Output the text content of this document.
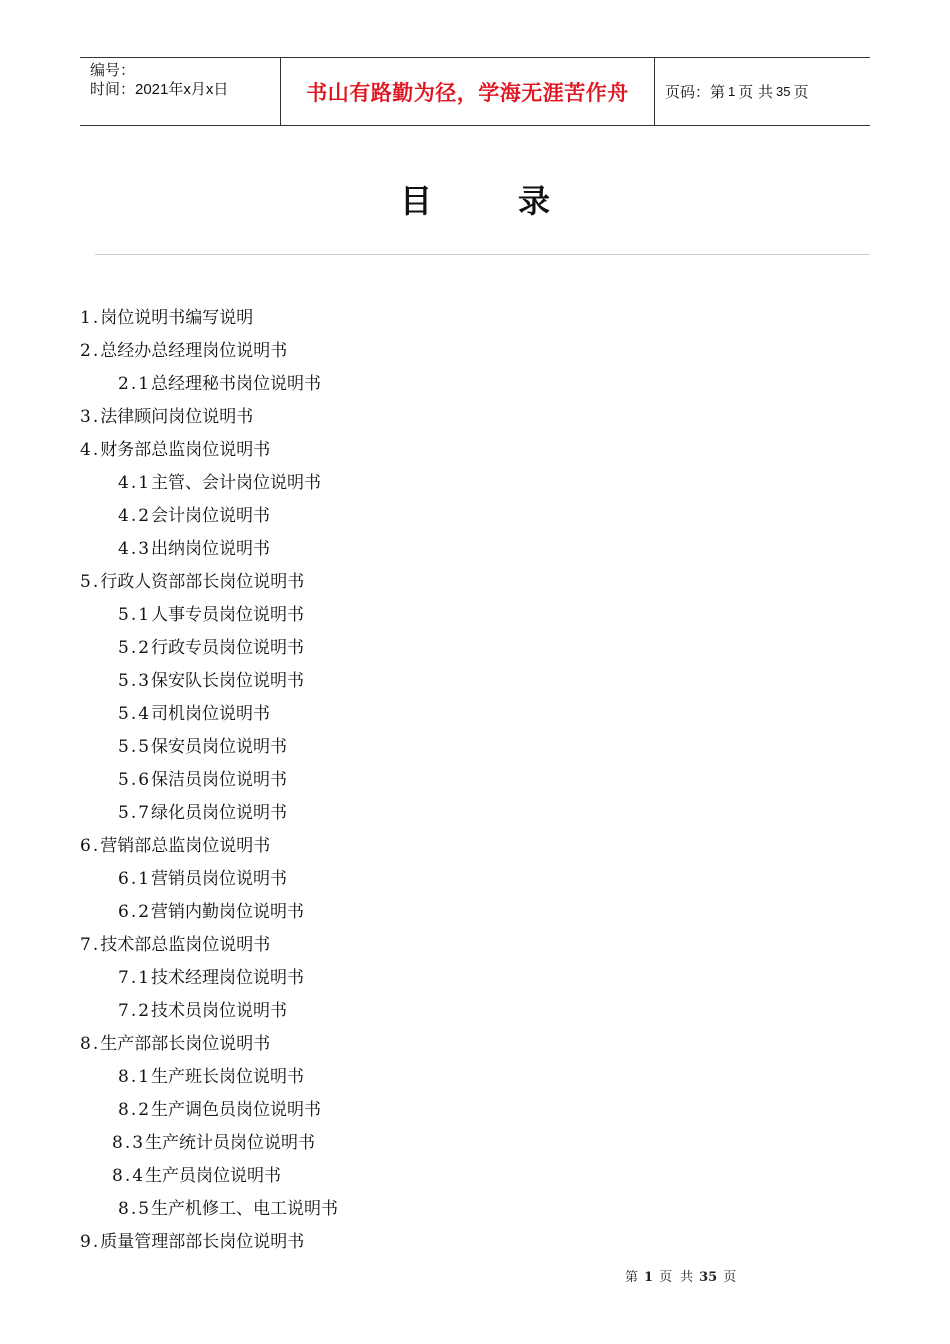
编号：
时间：2021年x月x日	书山有路勤为径，学海无涯苦作舟	页码：第 1 页 共 35 页
目	录
1.岗位说明书编写说明
2.总经办总经理岗位说明书
2.1总经理秘书岗位说明书
3.法律顾问岗位说明书
4.财务部总监岗位说明书
4.1主管、会计岗位说明书
4.2会计岗位说明书
4.3出纳岗位说明书
5.行政人资部部长岗位说明书
5.1人事专员岗位说明书
5.2行政专员岗位说明书
5.3保安队长岗位说明书
5.4司机岗位说明书
5.5保安员岗位说明书
5.6保洁员岗位说明书
5.7绿化员岗位说明书
6.营销部总监岗位说明书
6.1营销员岗位说明书
6.2营销内勤岗位说明书
7.技术部总监岗位说明书
7.1技术经理岗位说明书
7.2技术员岗位说明书
8.生产部部长岗位说明书
8.1生产班长岗位说明书
8.2生产调色员岗位说明书
8.3生产统计员岗位说明书
8.4生产员岗位说明书
8.5生产机修工、电工说明书
9.质量管理部部长岗位说明书
第 1 页 共 35 页
